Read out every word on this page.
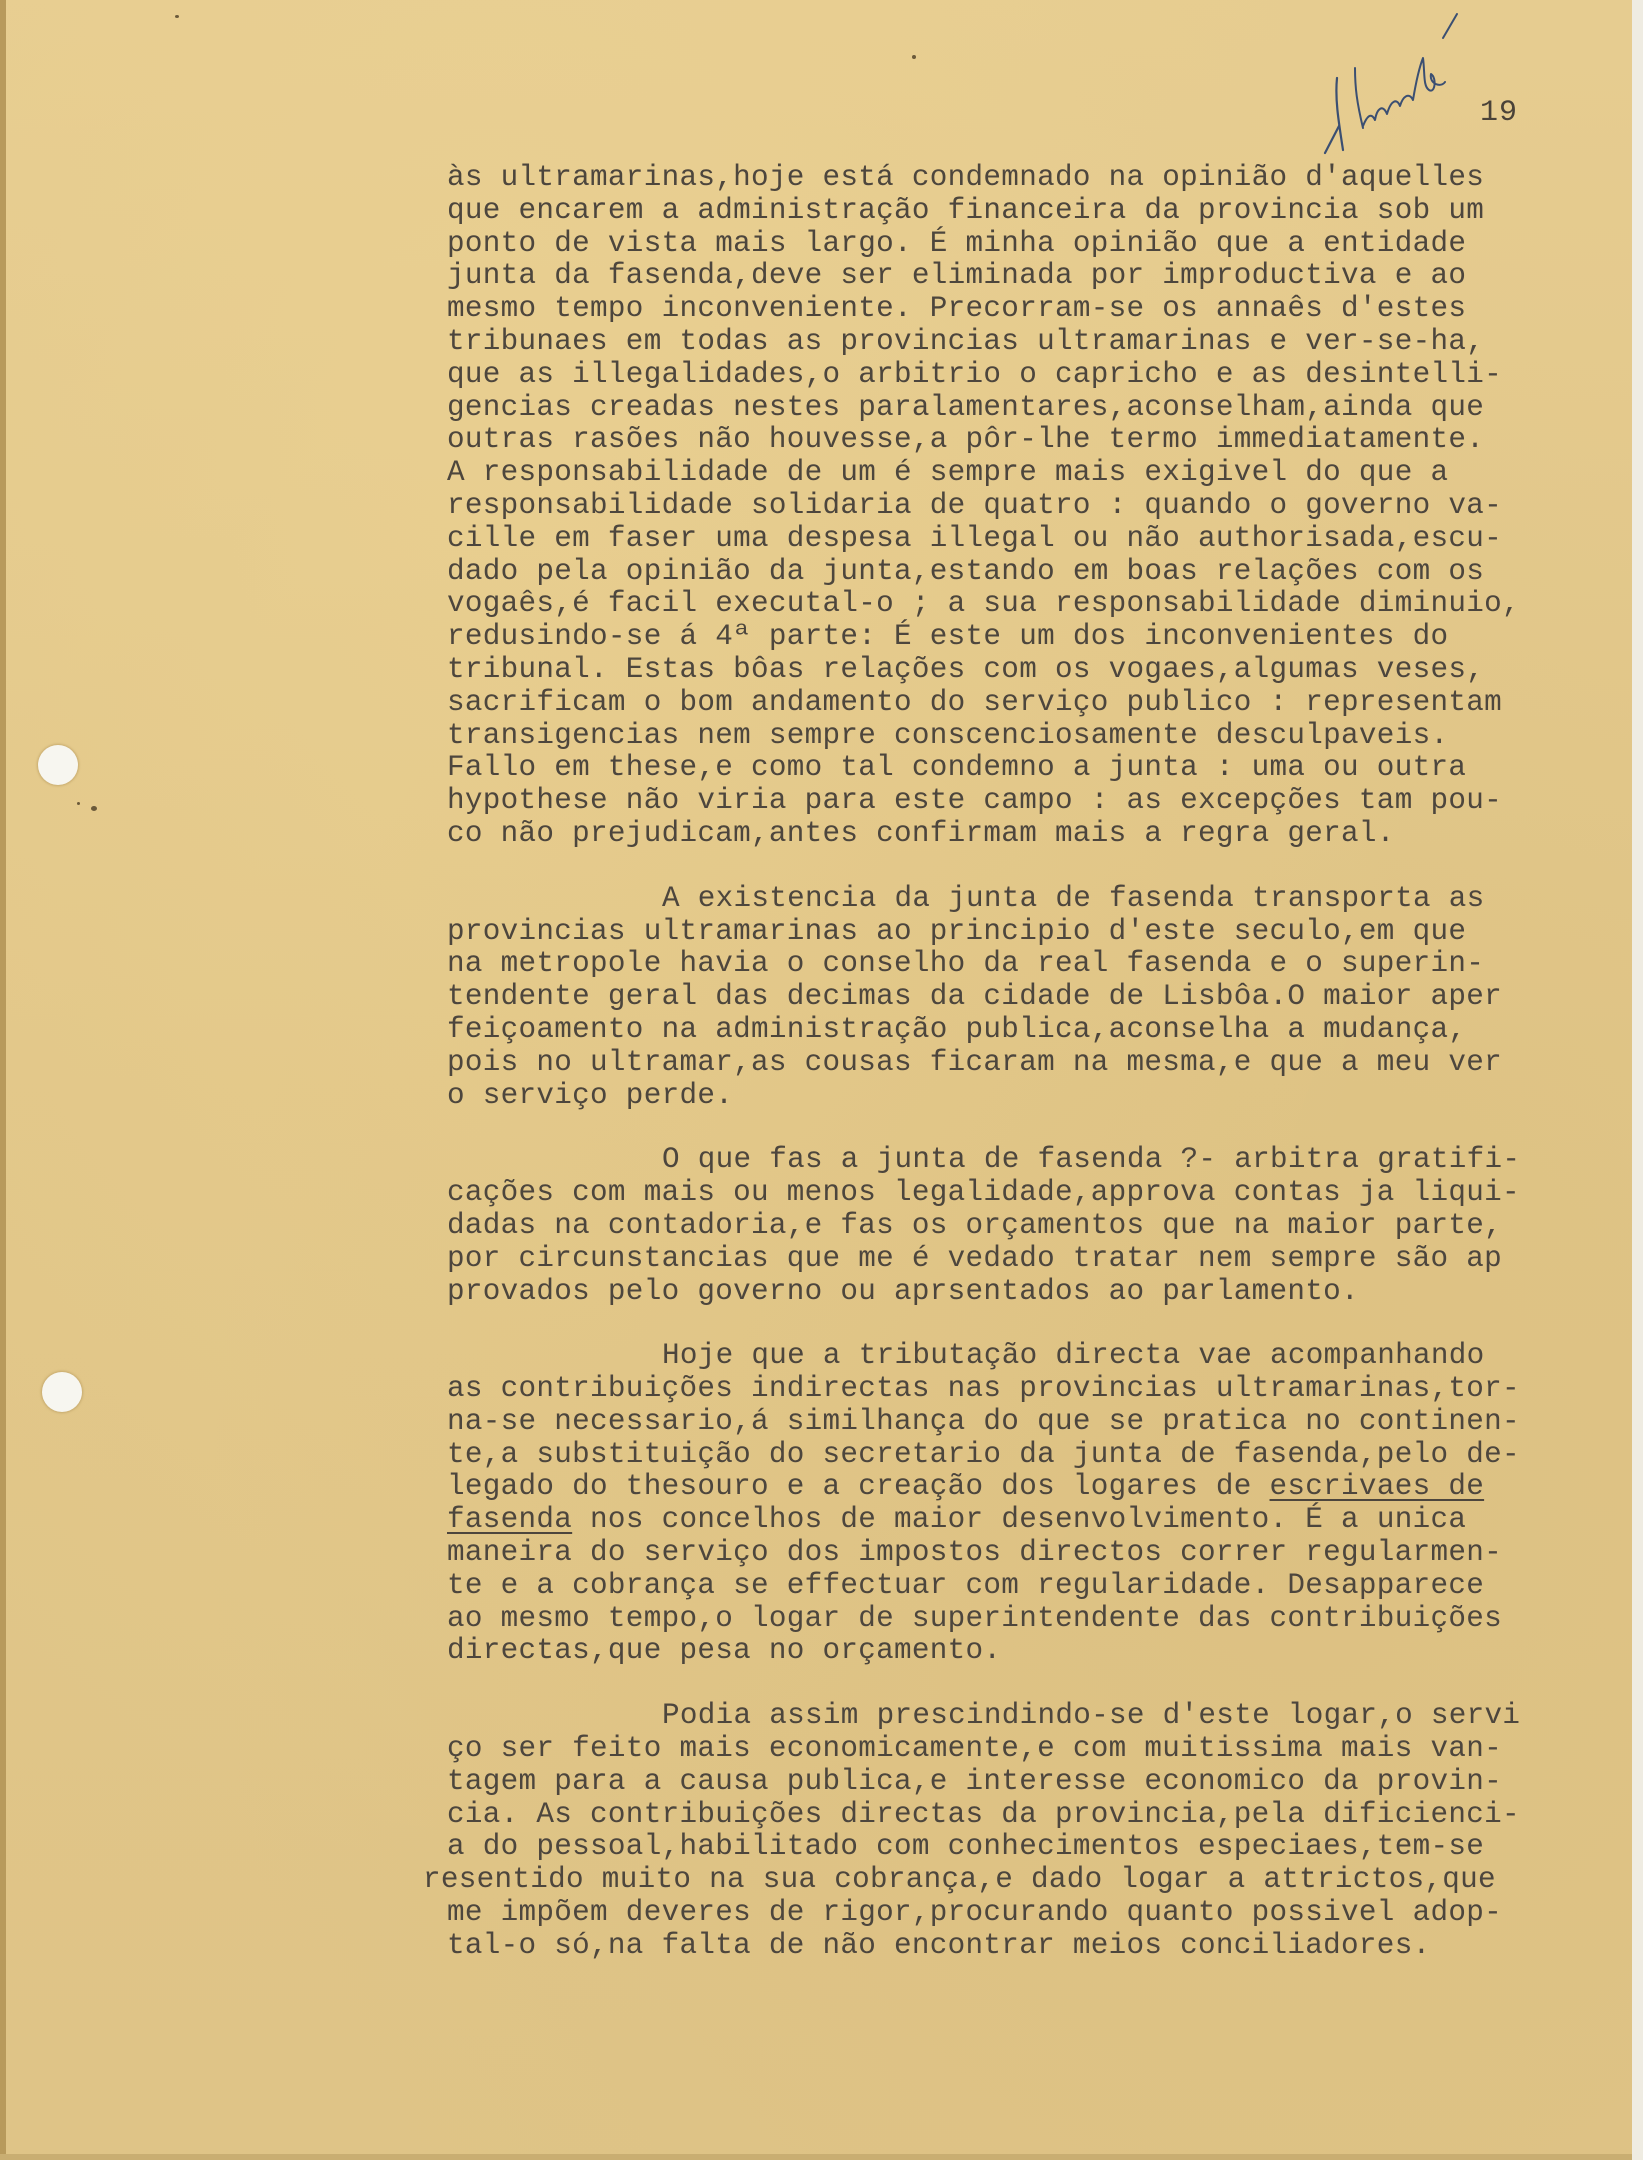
19
às ultramarinas,hoje está condemnado na opinião d'aquelles
que encarem a administração financeira da provincia sob um
ponto de vista mais largo. É minha opinião que a entidade
junta da fasenda,deve ser eliminada por improductiva e ao
mesmo tempo inconveniente. Precorram-se os annaês d'estes
tribunaes em todas as provincias ultramarinas e ver-se-ha,
que as illegalidades,o arbitrio o capricho e as desintelli-
gencias creadas nestes paralamentares,aconselham,ainda que
outras rasões não houvesse,a pôr-lhe termo immediatamente.
A responsabilidade de um é sempre mais exigivel do que a
responsabilidade solidaria de quatro : quando o governo va-
cille em faser uma despesa illegal ou não authorisada,escu-
dado pela opinião da junta,estando em boas relações com os
vogaês,é facil executal-o ; a sua responsabilidade diminuio,
redusindo-se á 4ª parte: É este um dos inconvenientes do
tribunal. Estas bôas relações com os vogaes,algumas veses,
sacrificam o bom andamento do serviço publico : representam
transigencias nem sempre conscenciosamente desculpaveis.
Fallo em these,e como tal condemno a junta : uma ou outra
hypothese não viria para este campo : as excepções tam pou-
co não prejudicam,antes confirmam mais a regra geral.
A existencia da junta de fasenda transporta as
provincias ultramarinas ao principio d'este seculo,em que
na metropole havia o conselho da real fasenda e o superin-
tendente geral das decimas da cidade de Lisbôa.O maior aper
feiçoamento na administração publica,aconselha a mudança,
pois no ultramar,as cousas ficaram na mesma,e que a meu ver
o serviço perde.
O que fas a junta de fasenda ?- arbitra gratifi-
cações com mais ou menos legalidade,approva contas ja liqui-
dadas na contadoria,e fas os orçamentos que na maior parte,
por circunstancias que me é vedado tratar nem sempre são ap
provados pelo governo ou aprsentados ao parlamento.
Hoje que a tributação directa vae acompanhando
as contribuições indirectas nas provincias ultramarinas,tor-
na-se necessario,á similhança do que se pratica no continen-
te,a substituição do secretario da junta de fasenda,pelo de-
legado do thesouro e a creação dos logares de escrivaes de
fasenda nos concelhos de maior desenvolvimento. É a unica
maneira do serviço dos impostos directos correr regularmen-
te e a cobrança se effectuar com regularidade. Desapparece
ao mesmo tempo,o logar de superintendente das contribuições
directas,que pesa no orçamento.
Podia assim prescindindo-se d'este logar,o servi
ço ser feito mais economicamente,e com muitissima mais van-
tagem para a causa publica,e interesse economico da provin-
cia. As contribuições directas da provincia,pela dificienci-
a do pessoal,habilitado com conhecimentos especiaes,tem-se
resentido muito na sua cobrança,e dado logar a attrictos,que
me impõem deveres de rigor,procurando quanto possivel adop-
tal-o só,na falta de não encontrar meios conciliadores.
